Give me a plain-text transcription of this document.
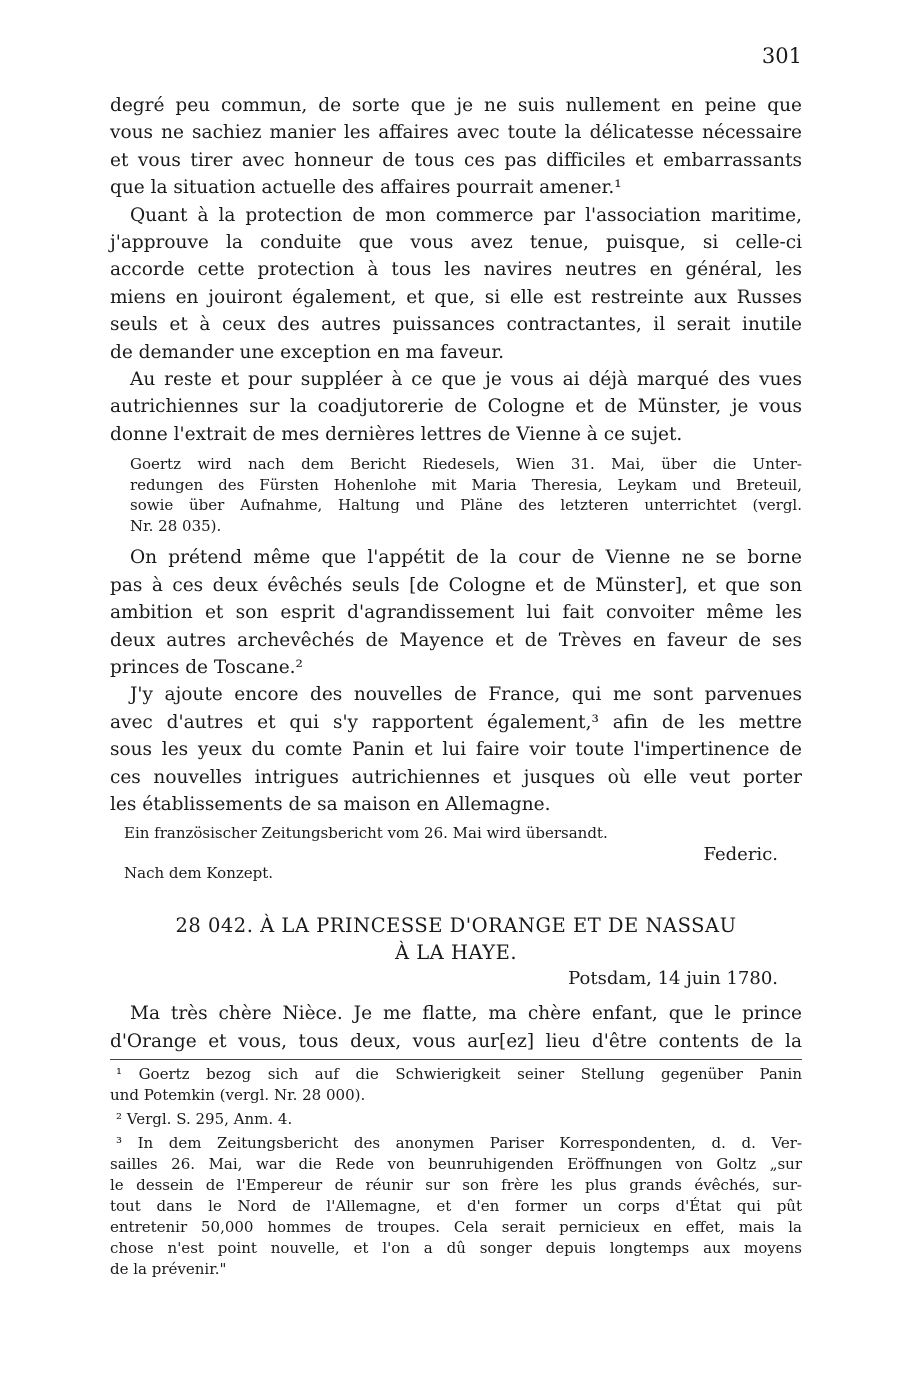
301
degré peu commun, de sorte que je ne suis nullement en peine que
vous ne sachiez manier les affaires avec toute la délicatesse nécessaire
et vous tirer avec honneur de tous ces pas difficiles et embarrassants
que la situation actuelle des affaires pourrait amener.¹
Quant à la protection de mon commerce par l'association maritime,
j'approuve la conduite que vous avez tenue, puisque, si celle-ci
accorde cette protection à tous les navires neutres en général, les
miens en jouiront également, et que, si elle est restreinte aux Russes
seuls et à ceux des autres puissances contractantes, il serait inutile
de demander une exception en ma faveur.
Au reste et pour suppléer à ce que je vous ai déjà marqué des vues
autrichiennes sur la coadjutorerie de Cologne et de Münster, je vous
donne l'extrait de mes dernières lettres de Vienne à ce sujet.
Goertz wird nach dem Bericht Riedesels, Wien 31. Mai, über die Unter-
redungen des Fürsten Hohenlohe mit Maria Theresia, Leykam und Breteuil,
sowie über Aufnahme, Haltung und Pläne des letzteren unterrichtet (vergl.
Nr. 28 035).
On prétend même que l'appétit de la cour de Vienne ne se borne
pas à ces deux évêchés seuls [de Cologne et de Münster], et que son
ambition et son esprit d'agrandissement lui fait convoiter même les
deux autres archevêchés de Mayence et de Trèves en faveur de ses
princes de Toscane.²
J'y ajoute encore des nouvelles de France, qui me sont parvenues
avec d'autres et qui s'y rapportent également,³ afin de les mettre
sous les yeux du comte Panin et lui faire voir toute l'impertinence de
ces nouvelles intrigues autrichiennes et jusques où elle veut porter
les établissements de sa maison en Allemagne.
Ein französischer Zeitungsbericht vom 26. Mai wird übersandt.
Federic.
Nach dem Konzept.
28 042. À LA PRINCESSE D'ORANGE ET DE NASSAU
À LA HAYE.
Potsdam, 14 juin 1780.
Ma très chère Nièce. Je me flatte, ma chère enfant, que le prince
d'Orange et vous, tous deux, vous aur[ez] lieu d'être contents de la
¹ Goertz bezog sich auf die Schwierigkeit seiner Stellung gegenüber Panin
und Potemkin (vergl. Nr. 28 000).
² Vergl. S. 295, Anm. 4.
³ In dem Zeitungsbericht des anonymen Pariser Korrespondenten, d. d. Ver-
sailles 26. Mai, war die Rede von beunruhigenden Eröffnungen von Goltz „sur
le dessein de l'Empereur de réunir sur son frère les plus grands évêchés, sur-
tout dans le Nord de l'Allemagne, et d'en former un corps d'État qui pût
entretenir 50,000 hommes de troupes. Cela serait pernicieux en effet, mais la
chose n'est point nouvelle, et l'on a dû songer depuis longtemps aux moyens
de la prévenir."
